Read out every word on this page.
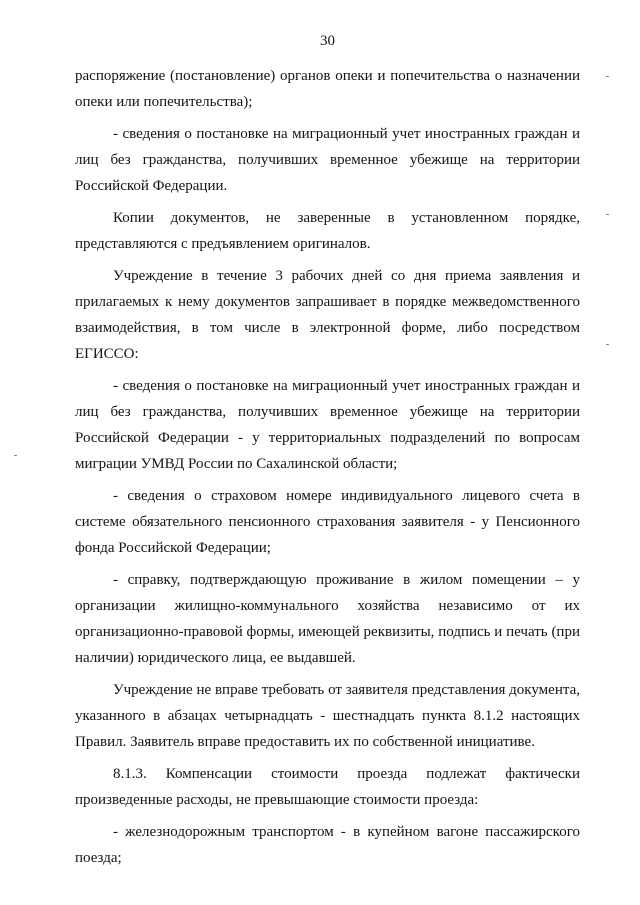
30
распоряжение (постановление) органов опеки и попечительства о назначении
опеки или попечительства);
- сведения о постановке на миграционный учет иностранных граждан и
лиц без гражданства, получивших временное убежище на территории
Российской Федерации.
Копии документов, не заверенные в установленном порядке,
представляются с предъявлением оригиналов.
Учреждение в течение 3 рабочих дней со дня приема заявления и
прилагаемых к нему документов запрашивает в порядке межведомственного
взаимодействия, в том числе в электронной форме, либо посредством
ЕГИССО:
- сведения о постановке на миграционный учет иностранных граждан и
лиц без гражданства, получивших временное убежище на территории
Российской Федерации - у территориальных подразделений по вопросам
миграции УМВД России по Сахалинской области;
- сведения о страховом номере индивидуального лицевого счета в
системе обязательного пенсионного страхования заявителя - у Пенсионного
фонда Российской Федерации;
- справку, подтверждающую проживание в жилом помещении – у
организации жилищно-коммунального хозяйства независимо от их
организационно-правовой формы, имеющей реквизиты, подпись и печать (при
наличии) юридического лица, ее выдавшей.
Учреждение не вправе требовать от заявителя представления документа,
указанного в абзацах четырнадцать - шестнадцать пункта 8.1.2 настоящих
Правил. Заявитель вправе предоставить их по собственной инициативе.
8.1.3. Компенсации стоимости проезда подлежат фактически
произведенные расходы, не превышающие стоимости проезда:
- железнодорожным транспортом - в купейном вагоне пассажирского
поезда;
